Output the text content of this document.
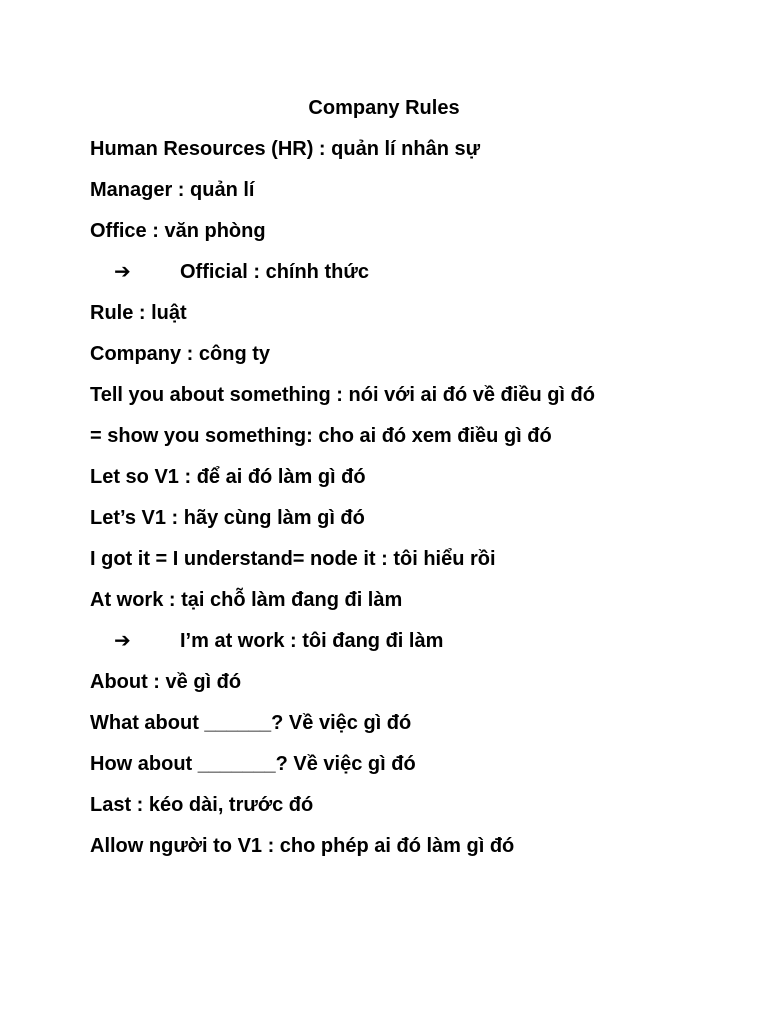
Company Rules
Human Resources (HR) : quản lí nhân sự
Manager : quản lí
Office : văn phòng
➔ Official : chính thức
Rule : luật
Company : công ty
Tell you about something : nói với ai đó về điều gì đó
= show you something: cho ai đó xem điều gì đó
Let so V1 : để ai đó làm gì đó
Let’s V1 : hãy cùng làm gì đó
I got it = I understand= node it : tôi hiểu rồi
At work : tại chỗ làm đang đi làm
➔ I’m at work : tôi đang đi làm
About : về gì đó
What about ______? Về việc gì đó
How about _______? Về việc gì đó
Last : kéo dài, trước đó
Allow người to V1 : cho phép ai đó làm gì đó
